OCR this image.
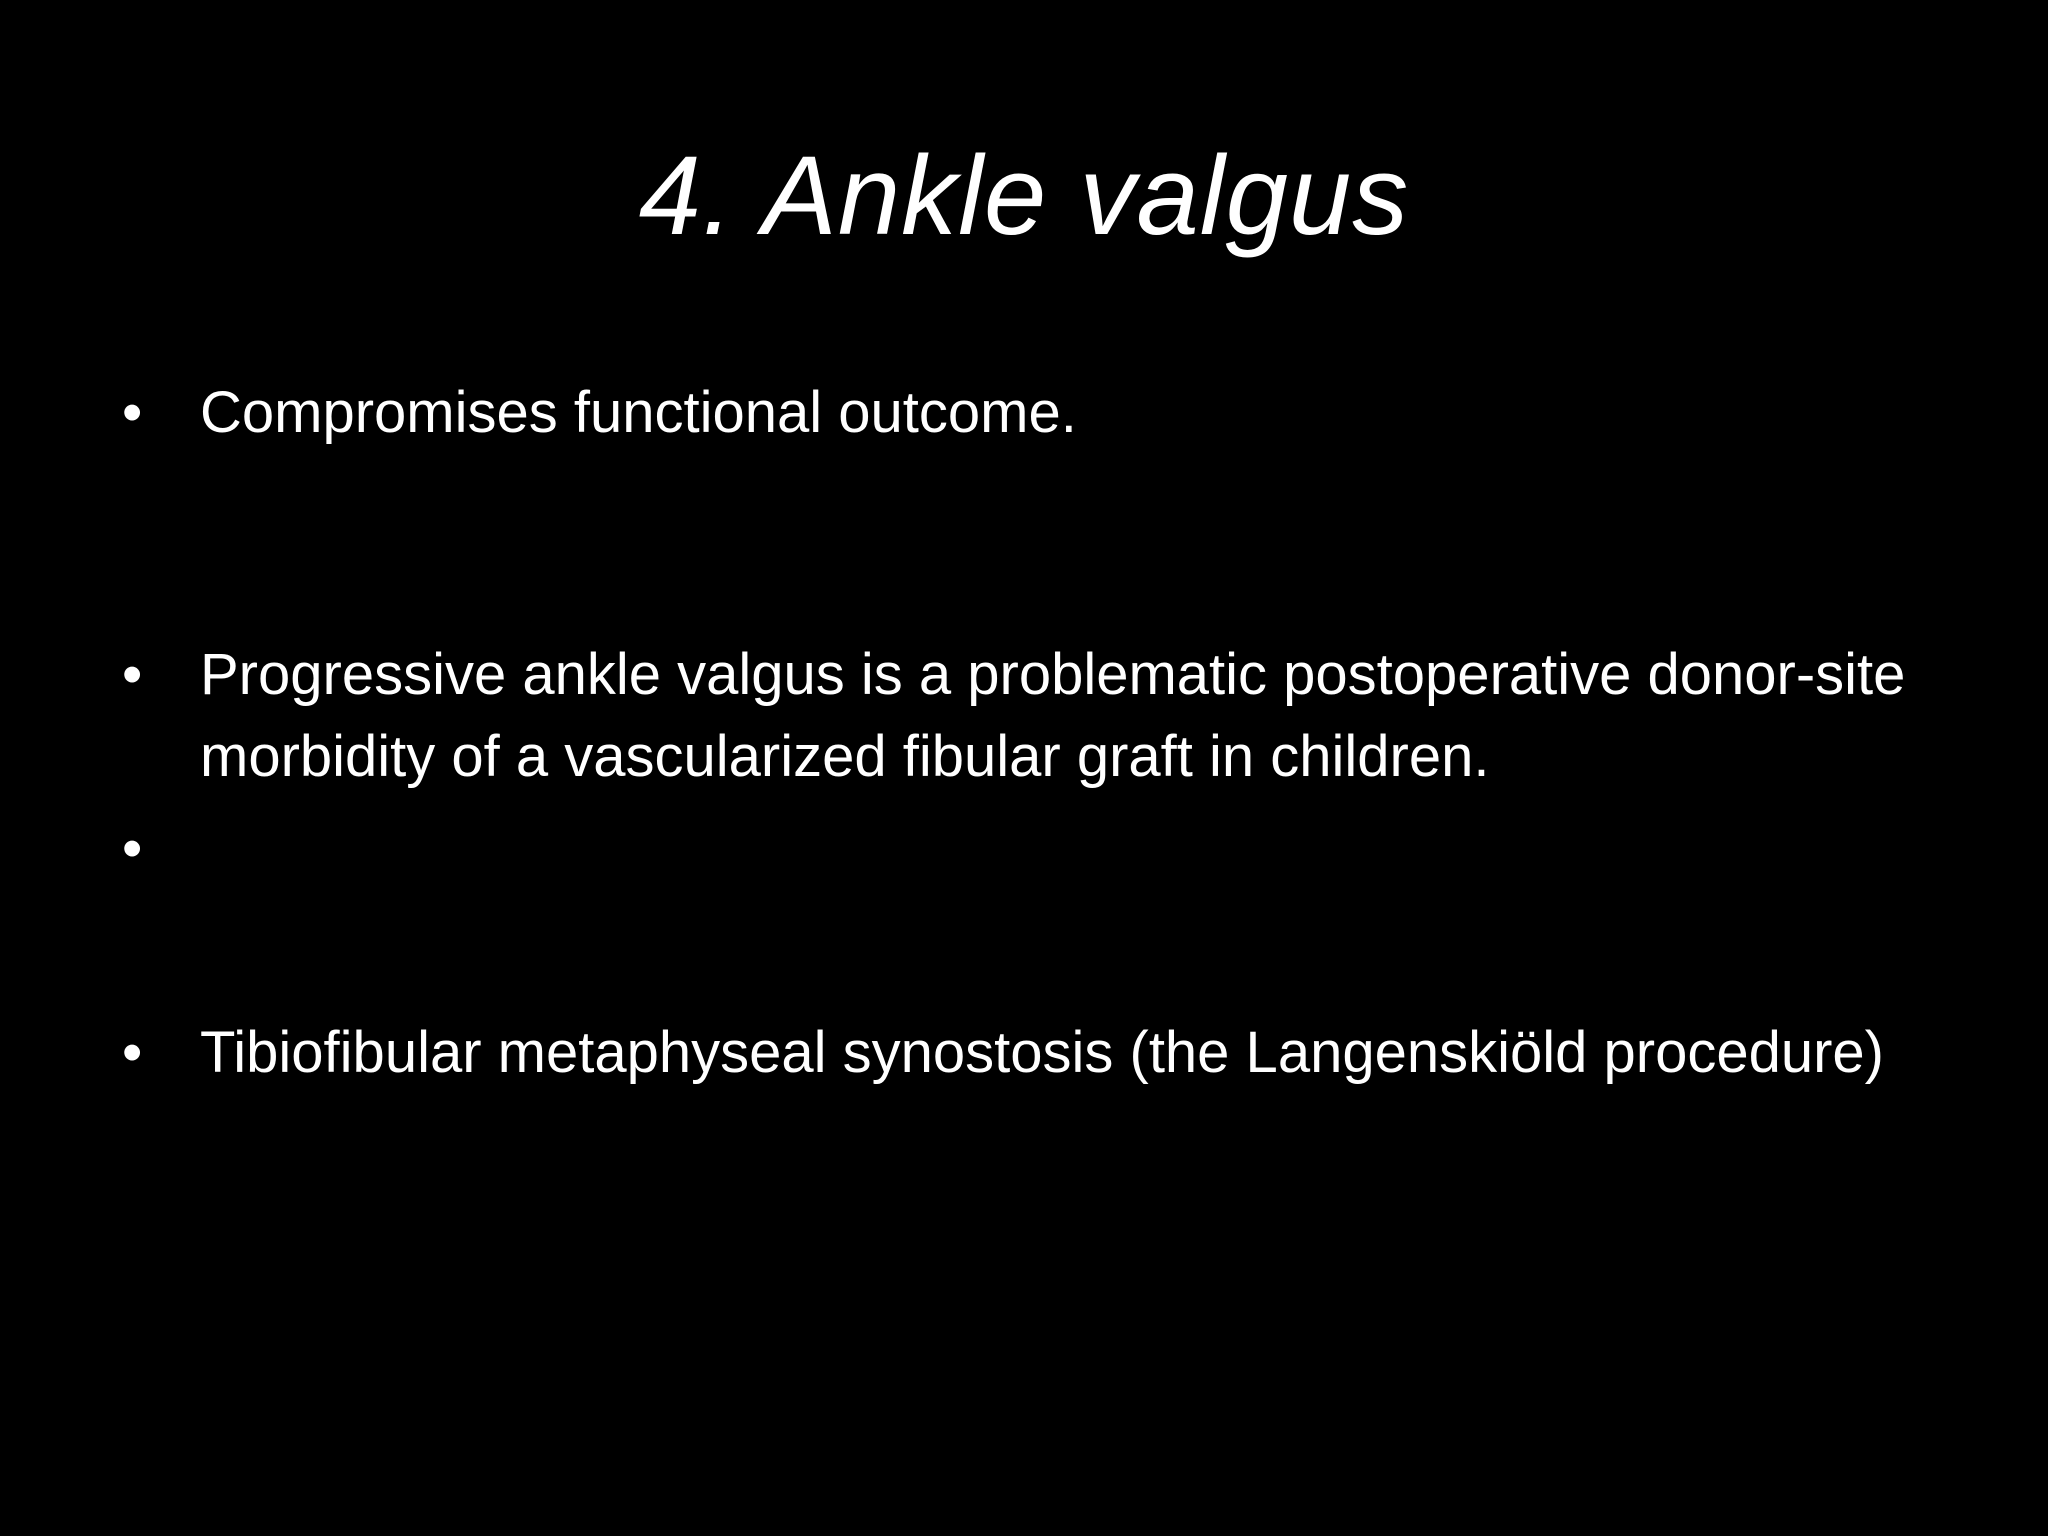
4. Ankle valgus
• Compromises functional outcome.
• Progressive ankle valgus is a problematic postoperative donor-site morbidity of a vascularized fibular graft in children.
•
• Tibiofibular metaphyseal synostosis (the Langenskiöld procedure)
